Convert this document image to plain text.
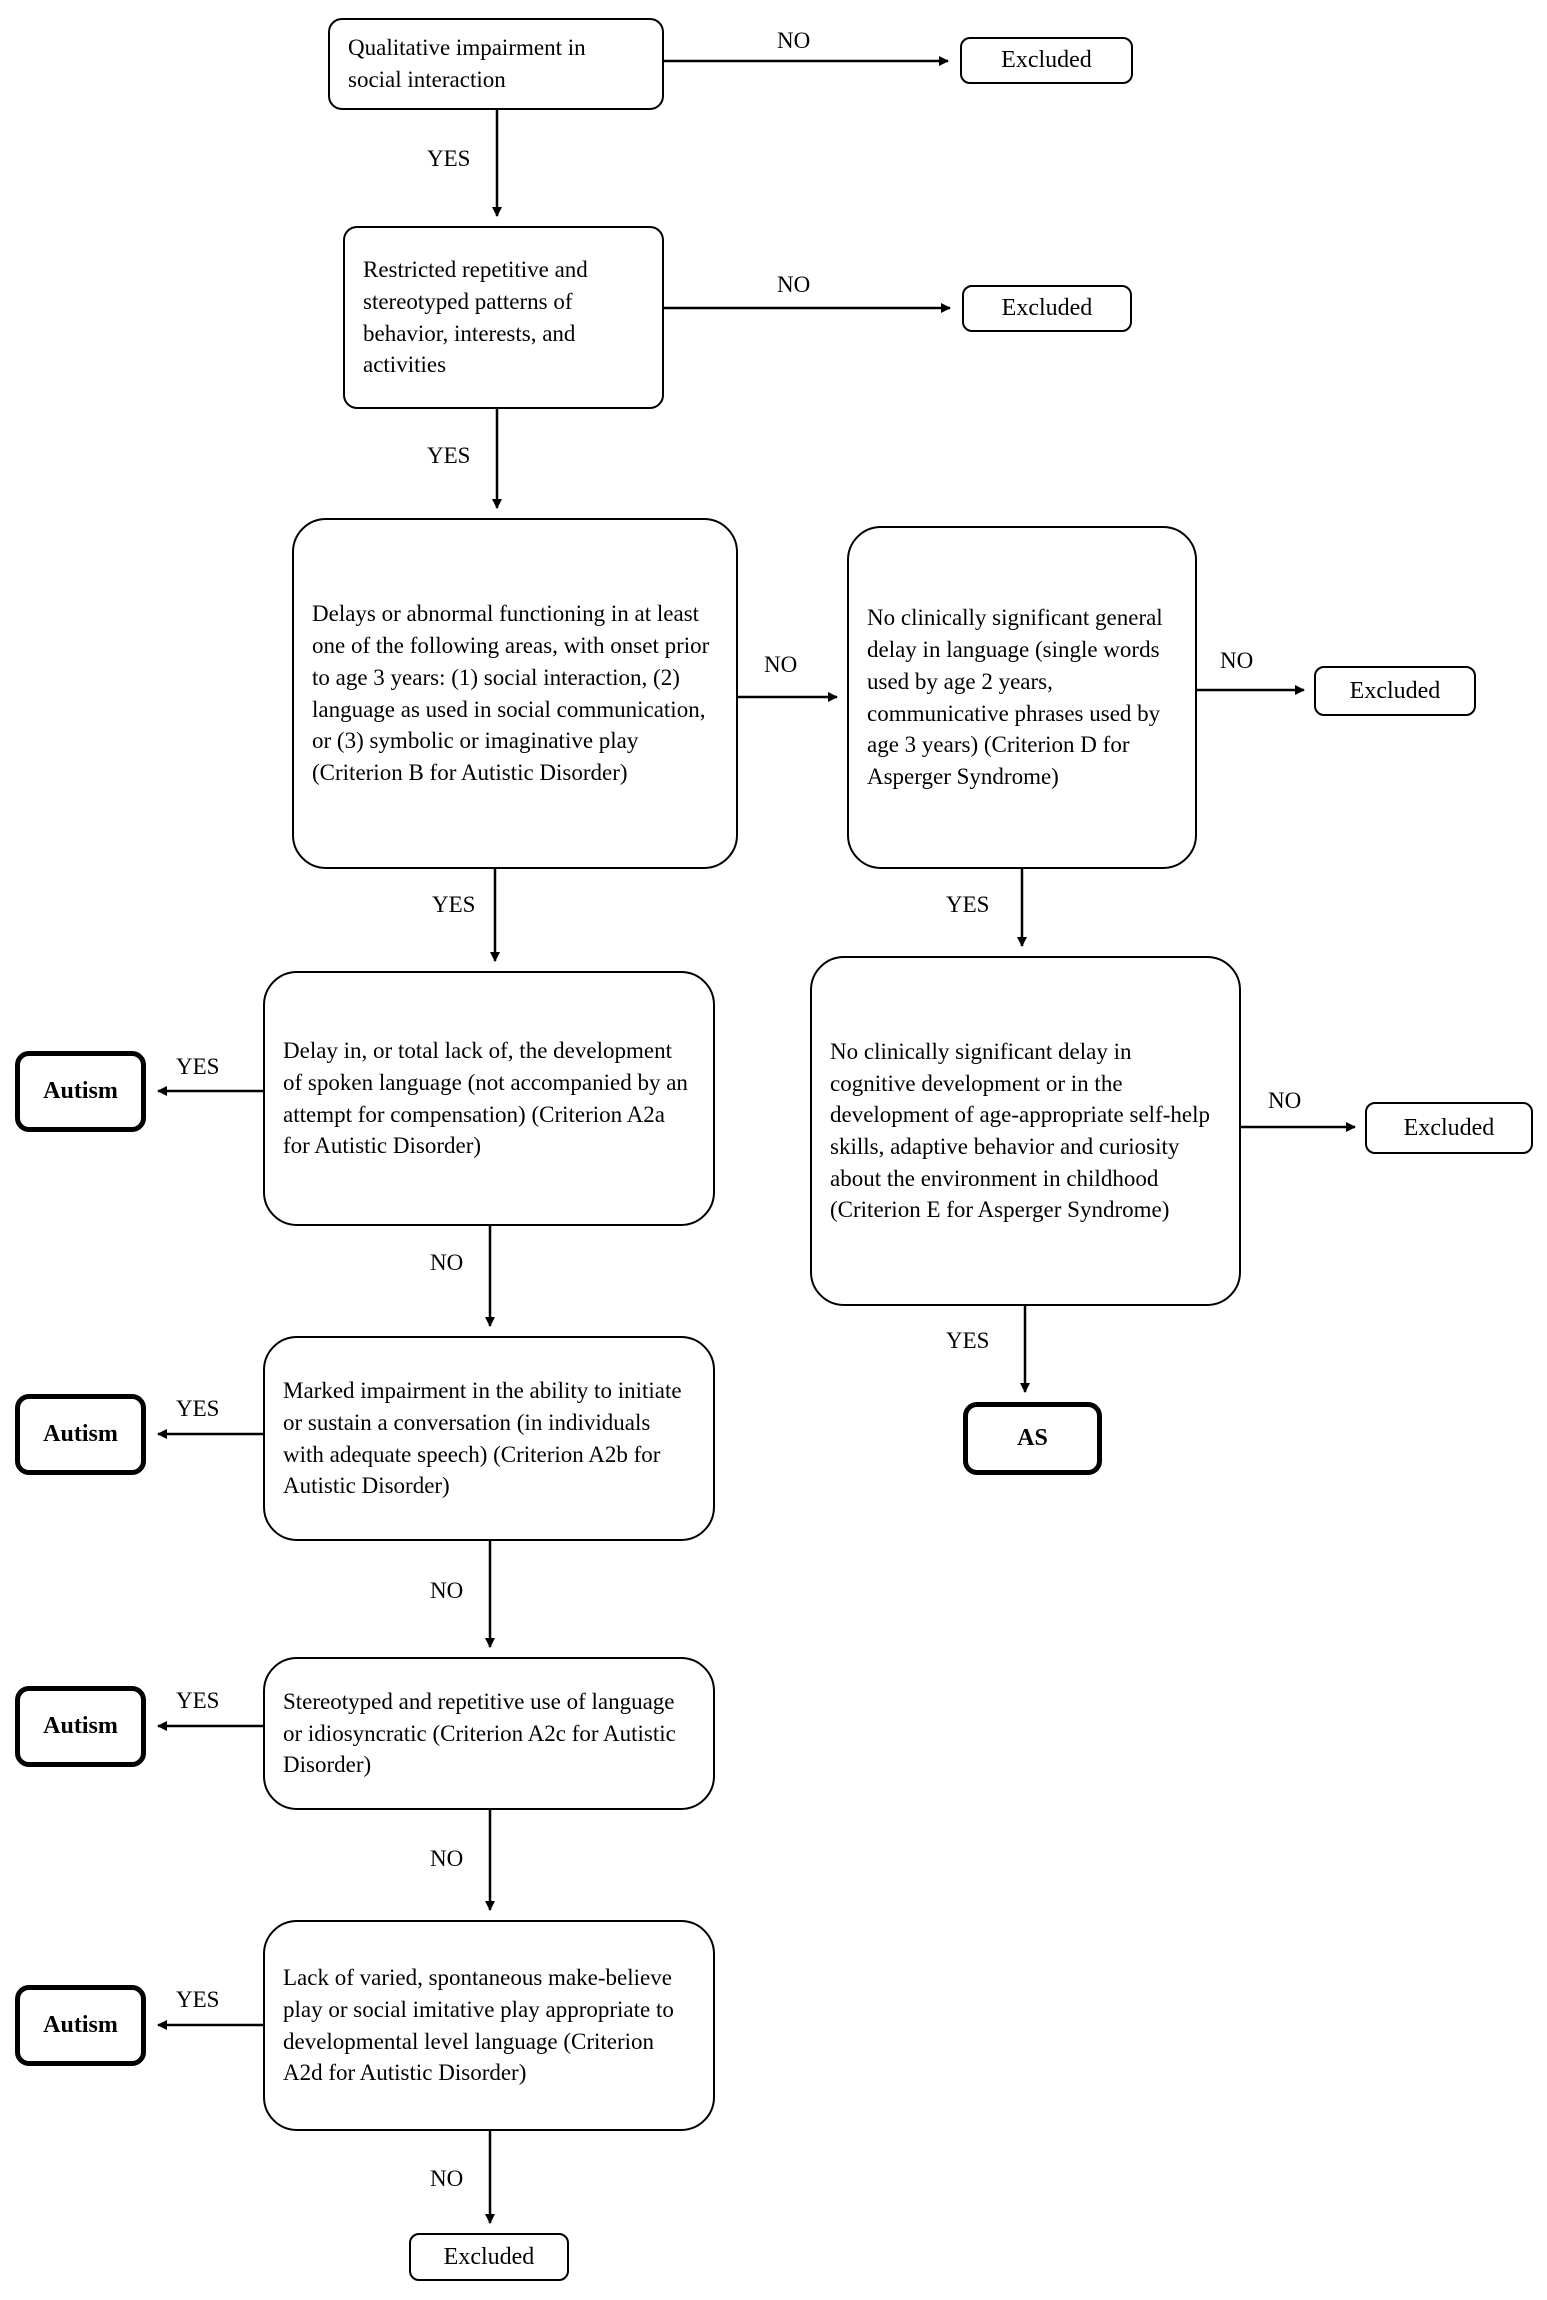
Qualitative impairment in social interaction
Restricted repetitive and stereotyped patterns of behavior, interests, and activities
Delays or abnormal functioning in at least one of the following areas, with onset prior to age 3 years: (1) social interaction, (2) language as used in social communication, or (3) symbolic or imaginative play (Criterion B for Autistic Disorder)
No clinically significant general delay in language (single words used by age 2 years, communicative phrases used by age 3 years) (Criterion D for Asperger Syndrome)
Delay in, or total lack of, the development of spoken language (not accompanied by an attempt for compensation) (Criterion A2a for Autistic Disorder)
No clinically significant delay in cognitive development or in the development of age-appropriate self-help skills, adaptive behavior and curiosity about the environment in childhood (Criterion E for Asperger Syndrome)
Marked impairment in the ability to initiate or sustain a conversation (in individuals with adequate speech) (Criterion A2b for Autistic Disorder)
Stereotyped and repetitive use of language or idiosyncratic (Criterion A2c for Autistic Disorder)
Lack of varied, spontaneous make-believe play or social imitative play appropriate to developmental level language (Criterion A2d for Autistic Disorder)
Excluded
Excluded
Excluded
Excluded
Excluded
Autism
Autism
Autism
Autism
AS
NO
YES
NO
YES
NO	NO
YES
YES
YES
NO
YES
NO
YES
NO
YES
NO
YES
NO
